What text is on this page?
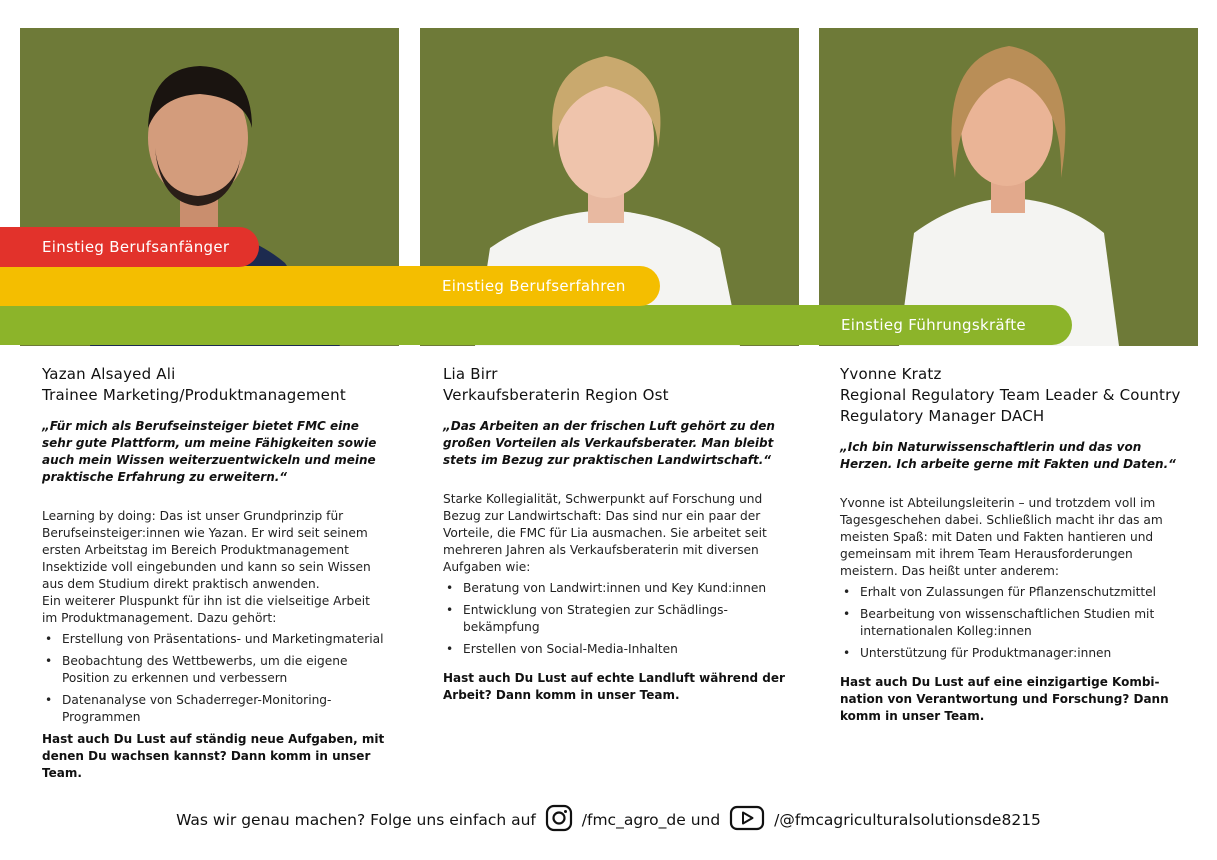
Einstieg Berufsanfänger
Einstieg Berufserfahren
Einstieg Führungskräfte
Yazan Alsayed Ali
Trainee Marketing/Produktmanagement
„Für mich als Berufseinsteiger bietet FMC eine sehr gute Plattform, um meine Fähigkeiten sowie auch mein Wissen weiterzuentwickeln und meine praktische Erfahrung zu erweitern.“

Learning by doing: Das ist unser Grundprinzip für Berufseinsteiger:innen wie Yazan. Er wird seit seinem ersten Arbeitstag im Bereich Produktmanagement Insektizide voll eingebunden und kann so sein Wissen aus dem Studium direkt praktisch anwenden.

Ein weiterer Pluspunkt für ihn ist die vielseitige Arbeit im Produktmanagement. Dazu gehört:

• Erstellung von Präsentations- und Marketingmaterial
• Beobachtung des Wettbewerbs, um die eigene Position zu erkennen und verbessern
• Datenanalyse von Schaderreger-Monitoring-Programmen
Hast auch Du Lust auf ständig neue Aufgaben, mit denen Du wachsen kannst? Dann komm in unser Team.
Lia Birr
Verkaufsberaterin Region Ost
„Das Arbeiten an der frischen Luft gehört zu den großen Vorteilen als Verkaufsberater. Man bleibt stets im Bezug zur praktischen Landwirtschaft.“

Starke Kollegialität, Schwerpunkt auf Forschung und Bezug zur Landwirtschaft: Das sind nur ein paar der Vorteile, die FMC für Lia ausmachen. Sie arbeitet seit mehreren Jahren als Verkaufsberaterin mit diversen Aufgaben wie:

• Beratung von Landwirt:innen und Key Kund:innen
• Entwicklung von Strategien zur Schädlings-bekämpfung
• Erstellen von Social-Media-Inhalten
Hast auch Du Lust auf echte Landluft während der Arbeit? Dann komm in unser Team.
Yvonne Kratz
Regional Regulatory Team Leader & Country Regulatory Manager DACH
„Ich bin Naturwissenschaftlerin und das von Herzen. Ich arbeite gerne mit Fakten und Daten.“

Yvonne ist Abteilungsleiterin – und trotzdem voll im Tagesgeschehen dabei. Schließlich macht ihr das am meisten Spaß: mit Daten und Fakten hantieren und gemeinsam mit ihrem Team Herausforderungen meistern. Das heißt unter anderem:

• Erhalt von Zulassungen für Pflanzenschutzmittel
• Bearbeitung von wissenschaftlichen Studien mit internationalen Kolleg:innen
• Unterstützung für Produktmanager:innen
Hast auch Du Lust auf eine einzigartige Kombi-nation von Verantwortung und Forschung? Dann komm in unser Team.
Was wir genau machen? Folge uns einfach auf	/fmc_agro_de und	/@fmcagriculturalsolutionsde8215
